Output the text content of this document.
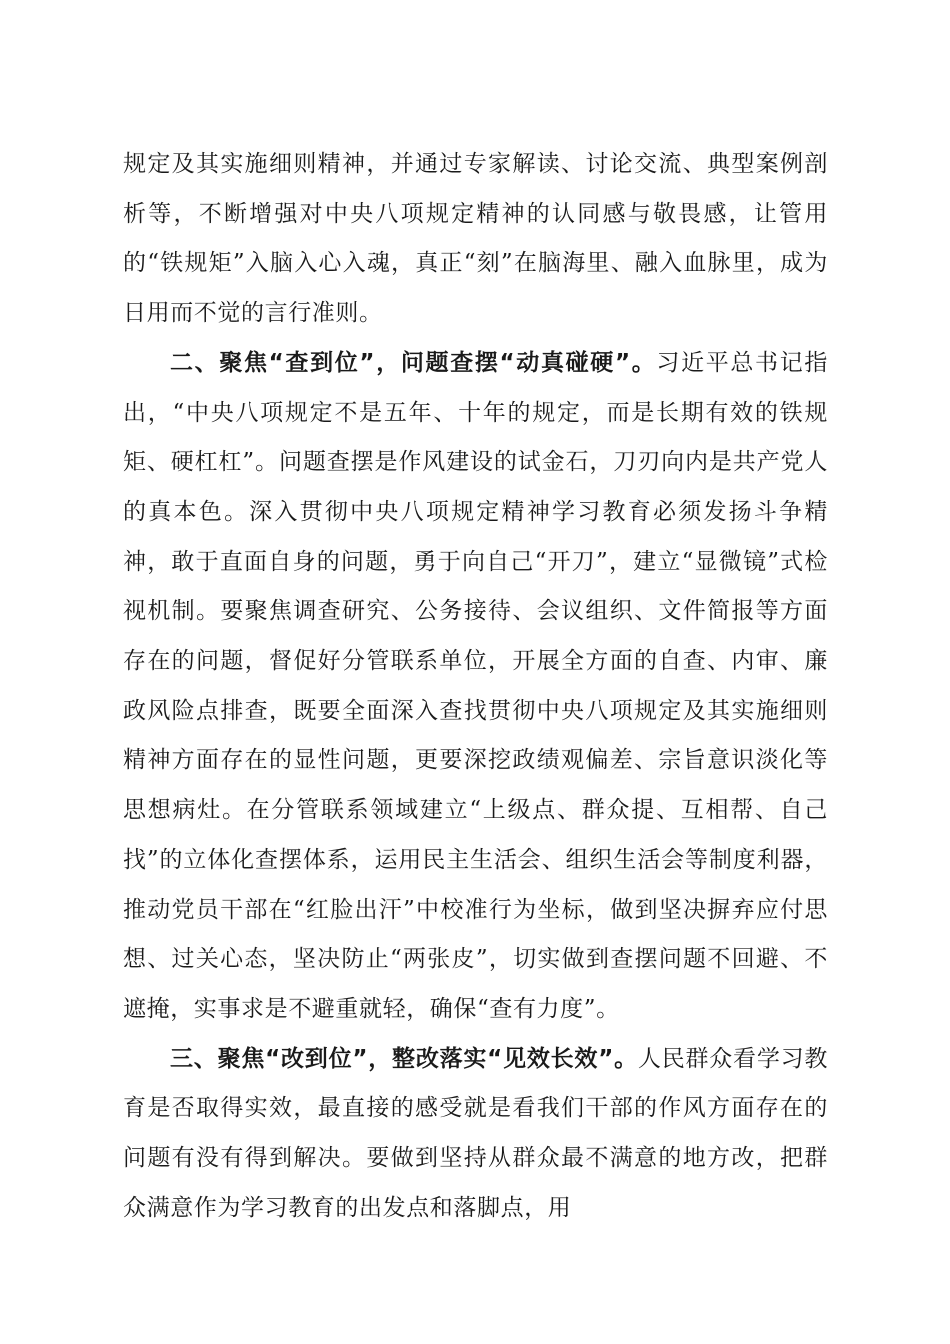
规定及其实施细则精神，并通过专家解读、讨论交流、典型案例剖析等，不断增强对中央八项规定精神的认同感与敬畏感，让管用的“铁规矩”入脑入心入魂，真正“刻”在脑海里、融入血脉里，成为日用而不觉的言行准则。

二、聚焦“查到位”，问题查摆“动真碰硬”。习近平总书记指出，“中央八项规定不是五年、十年的规定，而是长期有效的铁规矩、硬杠杠”。问题查摆是作风建设的试金石，刀刃向内是共产党人的真本色。深入贯彻中央八项规定精神学习教育必须发扬斗争精神，敢于直面自身的问题，勇于向自己“开刀”，建立“显微镜”式检视机制。要聚焦调查研究、公务接待、会议组织、文件简报等方面存在的问题，督促好分管联系单位，开展全方面的自查、内审、廉政风险点排查，既要全面深入查找贯彻中央八项规定及其实施细则精神方面存在的显性问题，更要深挖政绩观偏差、宗旨意识淡化等思想病灶。在分管联系领域建立“上级点、群众提、互相帮、自己找”的立体化查摆体系，运用民主生活会、组织生活会等制度利器，推动党员干部在“红脸出汗”中校准行为坐标，做到坚决摒弃应付思想、过关心态，坚决防止“两张皮”，切实做到查摆问题不回避、不遮掩，实事求是不避重就轻，确保“查有力度”。

三、聚焦“改到位”，整改落实“见效长效”。人民群众看学习教育是否取得实效，最直接的感受就是看我们干部的作风方面存在的问题有没有得到解决。要做到坚持从群众最不满意的地方改，把群众满意作为学习教育的出发点和落脚点，用
